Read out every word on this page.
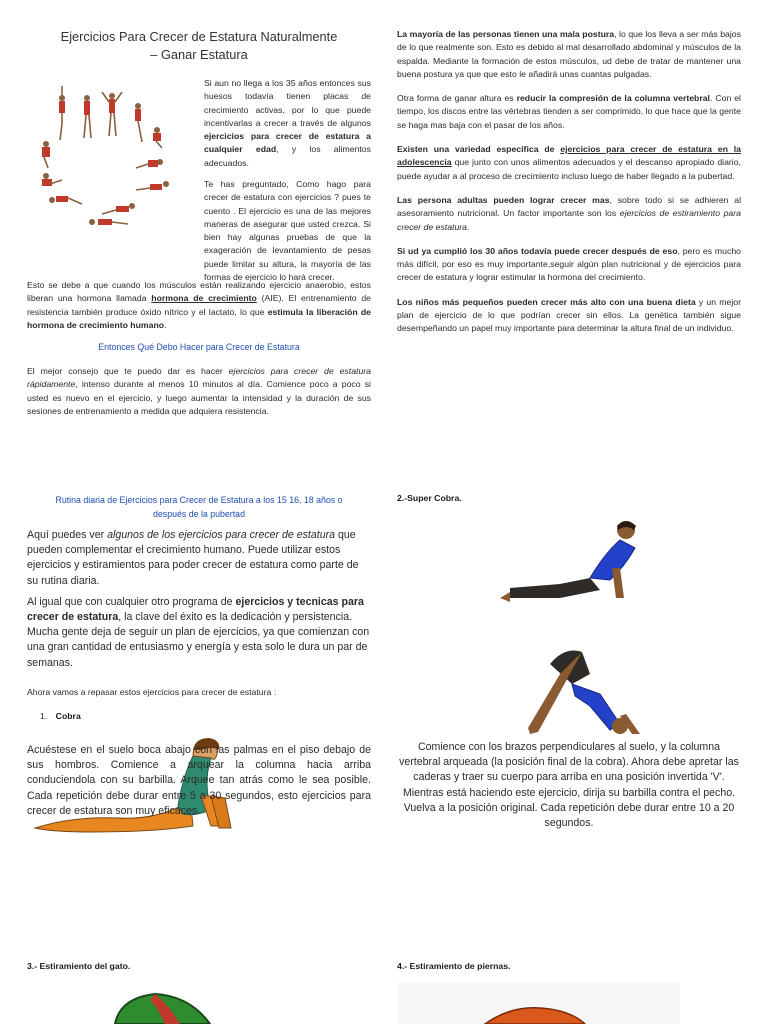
Ejercicios Para Crecer de Estatura Naturalmente – Ganar Estatura

Si aun no llega a los 35 años entonces sus huesos todavía tienen placas de crecimiento activas, por lo que puede incentivarlas a crecer a través de algunos ejercicios para crecer de estatura a cualquier edad, y los alimentos adecuados.

Te has preguntado, Como hago para crecer de estatura con ejercicios ? pues te cuento . El ejercicio es una de las mejores maneras de asegurar que usted crezca. Si bien hay algunas pruebas de que la exageración de levantamiento de pesas puede limitar su altura, la mayoría de las formas de ejercicio lo hará crecer.

Esto se debe a que cuando los músculos están realizando ejercicio anaerobio, estos liberan una hormona llamada hormona de crecimiento (AIE). El entrenamiento de resistencia también produce óxido nítrico y el lactato, lo que estimula la liberación de hormona de crecimiento humano.

Entonces Qué Debo Hacer para Crecer de Estatura

El mejor consejo que te puedo dar es hacer ejercicios para crecer de estatura rápidamente, intenso durante al menos 10 minutos al día. Comience poco a poco si usted es nuevo en el ejercicio, y luego aumentar la intensidad y la duración de sus sesiones de entrenamiento a medida que adquiera resistencia.

La mayoría de las personas tienen una mala postura, lo que los lleva a ser más bajos de lo que realmente son. Esto es debido al mal desarrollado abdominal y músculos de la espalda. Mediante la formación de estos músculos, ud debe de tratar de mantener una buena postura ya que que esto le añadirá unas cuantas pulgadas.

Otra forma de ganar altura es reducir la compresión de la columna vertebral. Con el tiempo, los discos entre las vértebras tienden a ser comprimido, lo que hace que la gente se haga mas baja con el pasar de los años.

Existen una variedad especifica de ejercicios para crecer de estatura en la adolescencia que junto con unos alimentos adecuados y el descanso apropiado diario, puede ayudar a al proceso de crecimiento incluso luego de haber llegado a la pubertad.

Las persona adultas pueden lograr crecer mas, sobre todo si se adhieren al asesoramiento nutricional. Un factor importante son los ejercicios de estiramiento para crecer de estatura.

Si ud ya cumplió los 30 años todavía puede crecer después de eso, pero es mucho más difícil, por eso es muy importante,seguir algún plan nutricional y de ejercicios para crecer de estatura y lograr estimular la hormona del crecimiento.

Los niños más pequeños pueden crecer más alto con una buena dieta y un mejor plan de ejercicio de lo que podrían crecer sin ellos. La genética también sigue desempeñando un papel muy importante para determinar la altura final de un individuo.

Rutina diaria de Ejercicios para Crecer de Estatura a los 15 16, 18 años o después de la pubertad

Aquí puedes ver algunos de los ejercicios para crecer de estatura que pueden complementar el crecimiento humano. Puede utilizar estos ejercicios y estiramientos para poder crecer de estatura como parte de su rutina diaria.

Al igual que con cualquier otro programa de ejercicios y tecnicas para crecer de estatura, la clave del éxito es la dedicación y persistencia. Mucha gente deja de seguir un plan de ejercicios, ya que comienzan con una gran cantidad de entusiasmo y energía y esta solo le dura un par de semanas.

Ahora vamos a repasar estos ejercicios para crecer de estatura :

1. Cobra

Acuéstese en el suelo boca abajo con las palmas en el piso debajo de sus hombros. Comience a arquear la columna hacia arriba conduciendola con su barbilla. Arquee tan atrás como le sea posible. Cada repetición debe durar entre 5 a 30 segundos, esto ejercicios para crecer de estatura son muy eficaces.

2.-Super Cobra.

Comience con los brazos perpendiculares al suelo, y la columna vertebral arqueada (la posición final de la cobra). Ahora debe apretar las caderas y traer su cuerpo para arriba en una posición invertida 'V'. Mientras está haciendo este ejercicio, dirija su barbilla contra el pecho. Vuelva a la posición original. Cada repetición debe durar entre 10 a 20 segundos.

3.- Estiramiento del gato.	4.- Estiramiento de piernas.
